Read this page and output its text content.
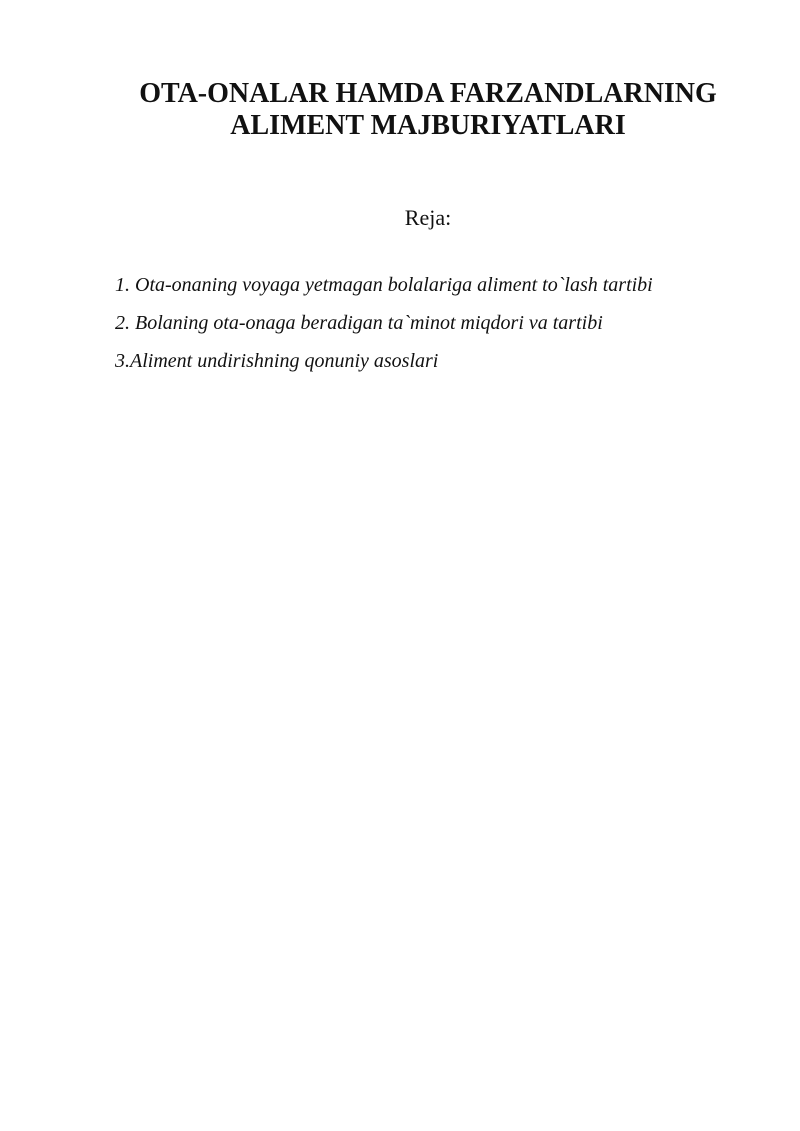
OTA-ONALAR HAMDA FARZANDLARNING
ALIMENT MAJBURIYATLARI
Reja:
1. Ota-onaning voyaga yetmagan bolalariga aliment to`lash tartibi
2. Bolaning ota-onaga beradigan ta`minot miqdori va tartibi
3.Aliment undirishning qonuniy asoslari
